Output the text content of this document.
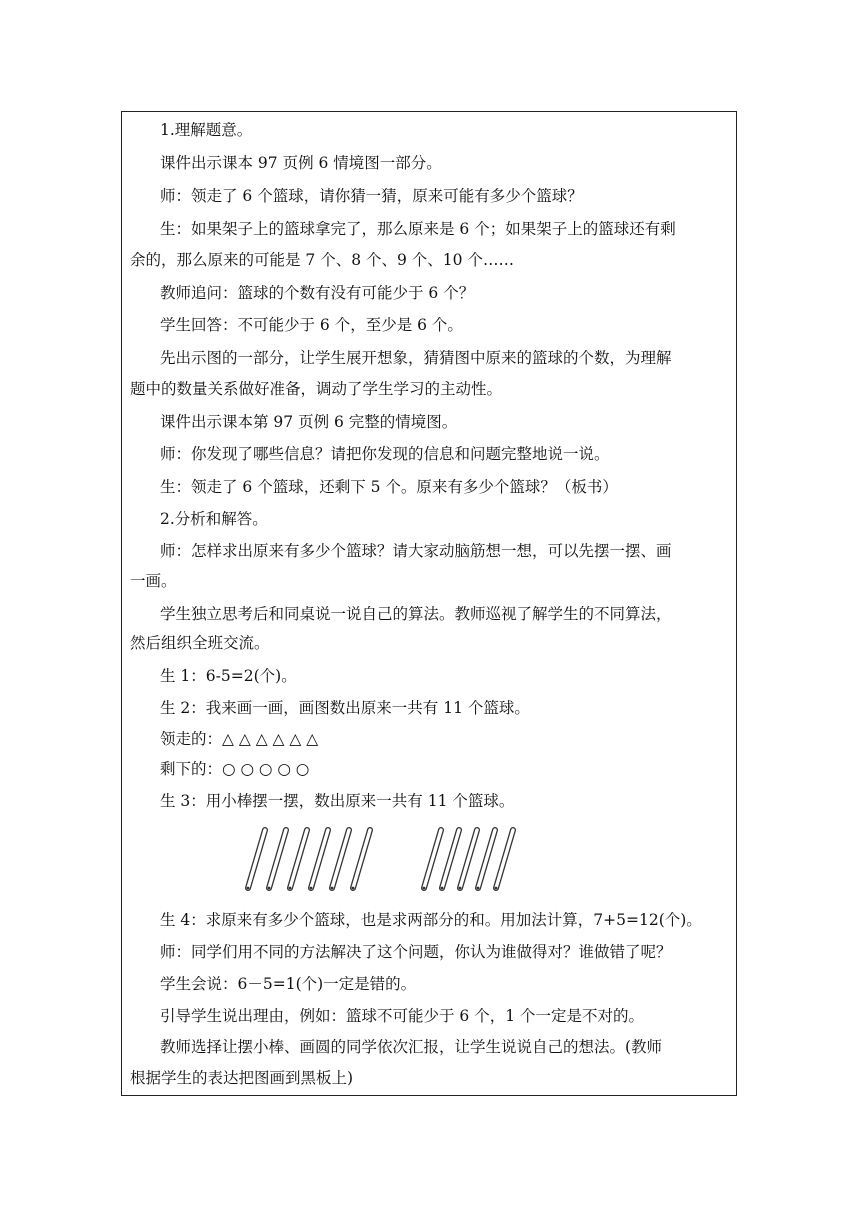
1.理解题意。
课件出示课本 97 页例 6 情境图一部分。
师：领走了 6 个篮球，请你猜一猜，原来可能有多少个篮球？
生：如果架子上的篮球拿完了，那么原来是 6 个；如果架子上的篮球还有剩
余的，那么原来的可能是 7 个、8 个、9 个、10 个……
教师追问：篮球的个数有没有可能少于 6 个？
学生回答：不可能少于 6 个，至少是 6 个。
先出示图的一部分，让学生展开想象，猜猜图中原来的篮球的个数，为理解
题中的数量关系做好准备，调动了学生学习的主动性。
课件出示课本第 97 页例 6 完整的情境图。
师：你发现了哪些信息？请把你发现的信息和问题完整地说一说。
生：领走了 6 个篮球，还剩下 5 个。原来有多少个篮球？（板书）
2.分析和解答。
师：怎样求出原来有多少个篮球？请大家动脑筋想一想，可以先摆一摆、画
一画。
学生独立思考后和同桌说一说自己的算法。教师巡视了解学生的不同算法，
然后组织全班交流。
生 1：6-5=2(个)。
生 2：我来画一画，画图数出原来一共有 11 个篮球。
领走的：△ △ △ △ △ △
剩下的：○ ○ ○ ○ ○
生 3：用小棒摆一摆，数出原来一共有 11 个篮球。
生 4：求原来有多少个篮球，也是求两部分的和。用加法计算，7+5=12(个)。
师：同学们用不同的方法解决了这个问题，你认为谁做得对？谁做错了呢？
学生会说：6－5=1(个)一定是错的。
引导学生说出理由，例如：篮球不可能少于 6 个，1 个一定是不对的。
教师选择让摆小棒、画圆的同学依次汇报，让学生说说自己的想法。(教师
根据学生的表达把图画到黑板上)
